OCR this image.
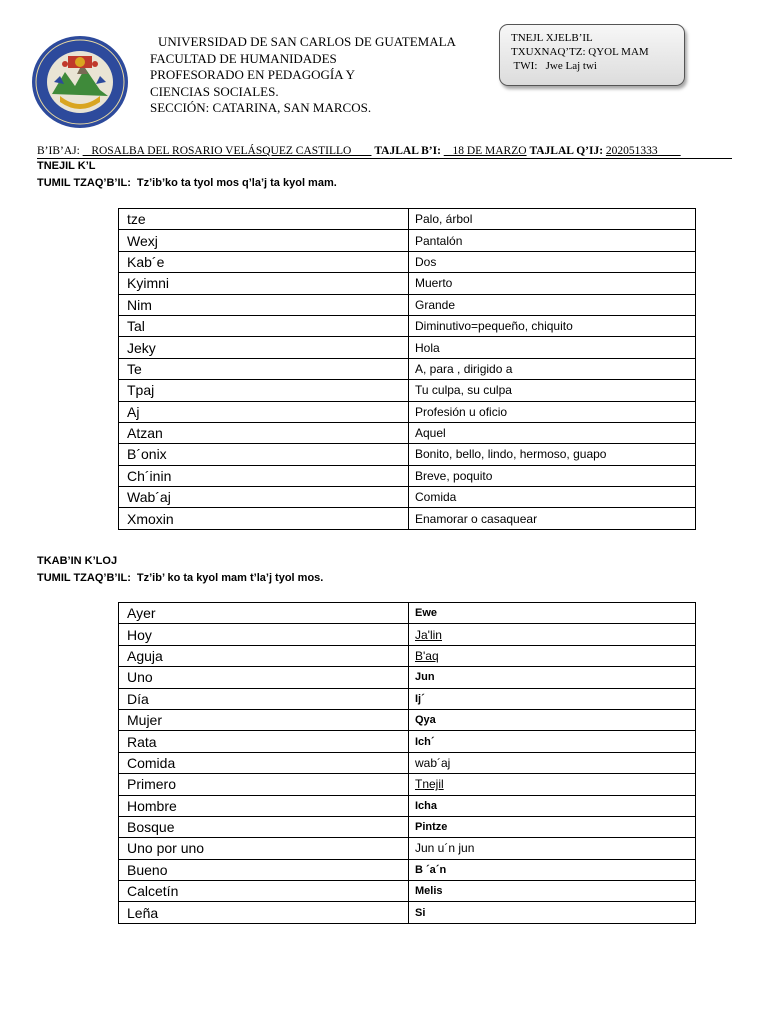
UNIVERSIDAD DE SAN CARLOS DE GUATEMALA
FACULTAD DE HUMANIDADES
PROFESORADO EN PEDAGOGÍA Y
CIENCIAS SOCIALES.
SECCIÓN: CATARINA, SAN MARCOS.
TNEJL XJELB’IL
TXUXNAQ’TZ: QYOL MAM
TWI:   Jwe Laj twi
B’IB’AJ: _ ROSALBA DEL ROSARIO VELÁSQUEZ CASTILLO        TAJLAL B’I: _ 18 DE MARZO TAJLAL Q’IJ: 202051333
TNEJIL K’L
TUMIL TZAQ’B’IL: Tz’ib’ko ta tyol mos q’la’j ta kyol mam.
tze	Palo, árbol
Wexj	Pantalón
Kab´e	Dos
Kyimni	Muerto
Nim	Grande
Tal	Diminutivo=pequeño, chiquito
Jeky	Hola
Te	A, para , dirigido a
Tpaj	Tu culpa, su culpa
Aj	Profesión u oficio
Atzan	Aquel
B´onix	Bonito, bello, lindo, hermoso, guapo
Ch´inin	Breve, poquito
Wab´aj	Comida
Xmoxin	Enamorar o casaquear
TKAB’IN K’LOJ
TUMIL TZAQ’B’IL: Tz’ib’ ko ta kyol mam t’la’j tyol mos.
Ayer	Ewe
Hoy	Ja'lin
Aguja	B'aq
Uno	Jun
Día	Ij´
Mujer	Qya
Rata	Ich´
Comida	wab´aj
Primero	Tnejil
Hombre	Icha
Bosque	Pintze
Uno por uno	Jun u´n jun
Bueno	B ´a´n
Calcetín	Melis
Leña	Si
